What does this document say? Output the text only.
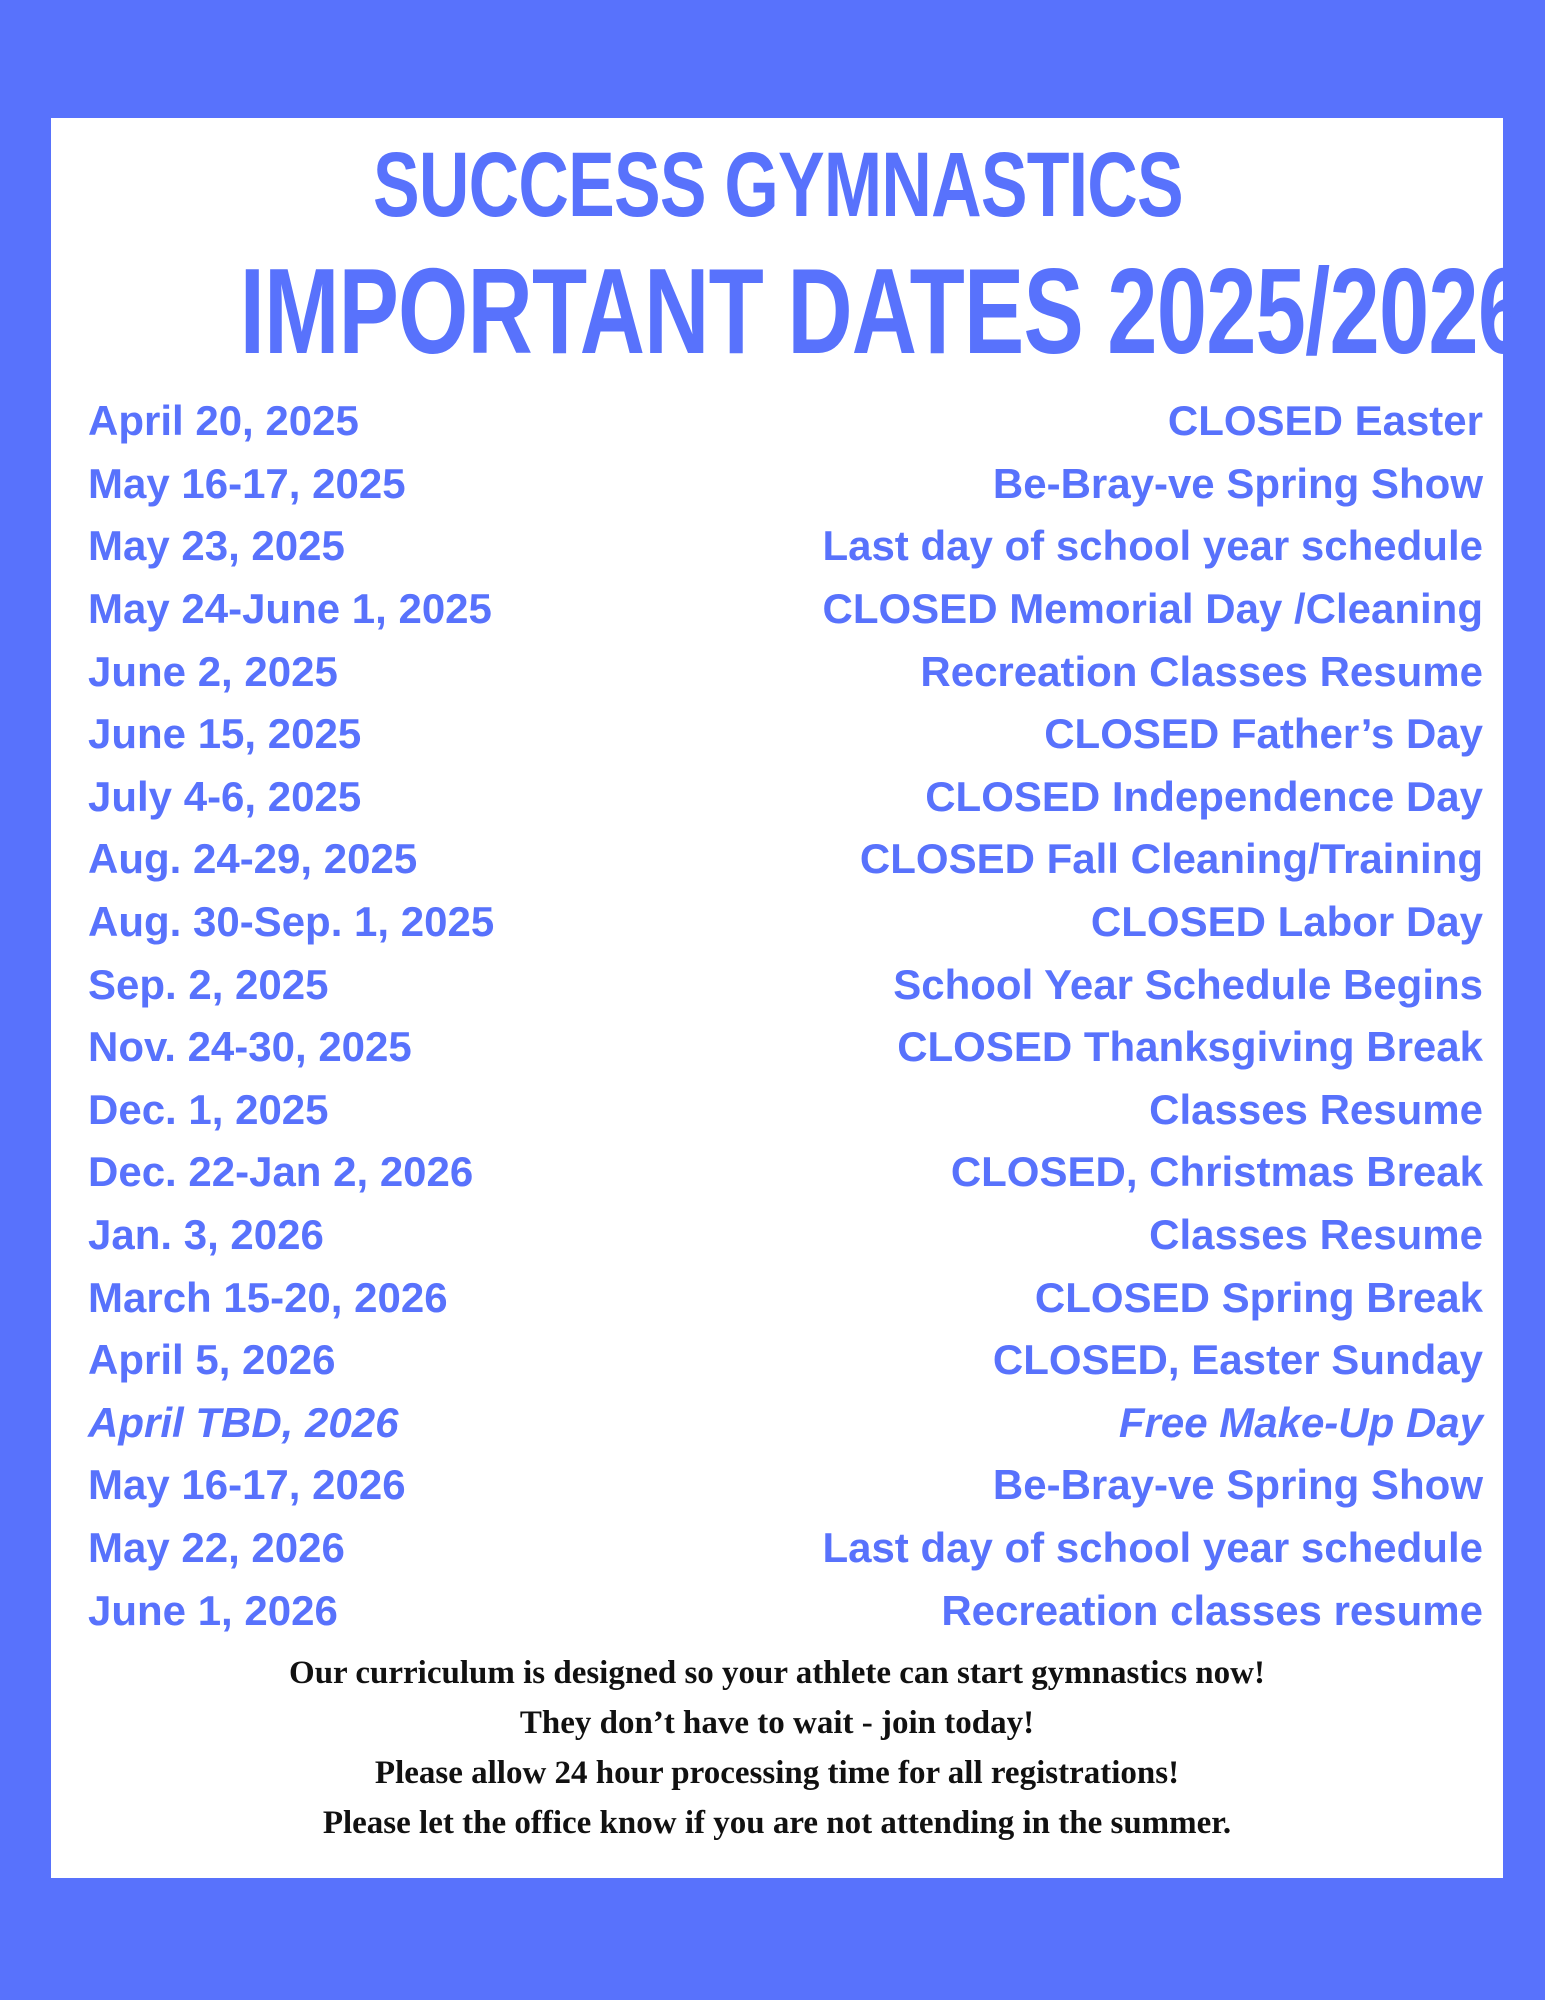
SUCCESS GYMNASTICS
IMPORTANT DATES 2025/2026
April 20, 2025	CLOSED Easter
May 16-17, 2025	Be-Bray-ve Spring Show
May 23, 2025	Last day of school year schedule
May 24-June 1, 2025	CLOSED Memorial Day /Cleaning
June 2, 2025	Recreation Classes Resume
June 15, 2025	CLOSED Father’s Day
July 4-6, 2025	CLOSED Independence Day
Aug. 24-29, 2025	CLOSED Fall Cleaning/Training
Aug. 30-Sep. 1, 2025	CLOSED Labor Day
Sep. 2, 2025	School Year Schedule Begins
Nov. 24-30, 2025	CLOSED Thanksgiving Break
Dec. 1, 2025	Classes Resume
Dec. 22-Jan 2, 2026	CLOSED, Christmas Break
Jan. 3, 2026	Classes Resume
March 15-20, 2026	CLOSED Spring Break
April 5, 2026	CLOSED, Easter Sunday
April TBD, 2026	Free Make-Up Day
May 16-17, 2026	Be-Bray-ve Spring Show
May 22, 2026	Last day of school year schedule
June 1, 2026	Recreation classes resume
Our curriculum is designed so your athlete can start gymnastics now!
They don’t have to wait - join today!
Please allow 24 hour processing time for all registrations!
Please let the office know if you are not attending in the summer.
